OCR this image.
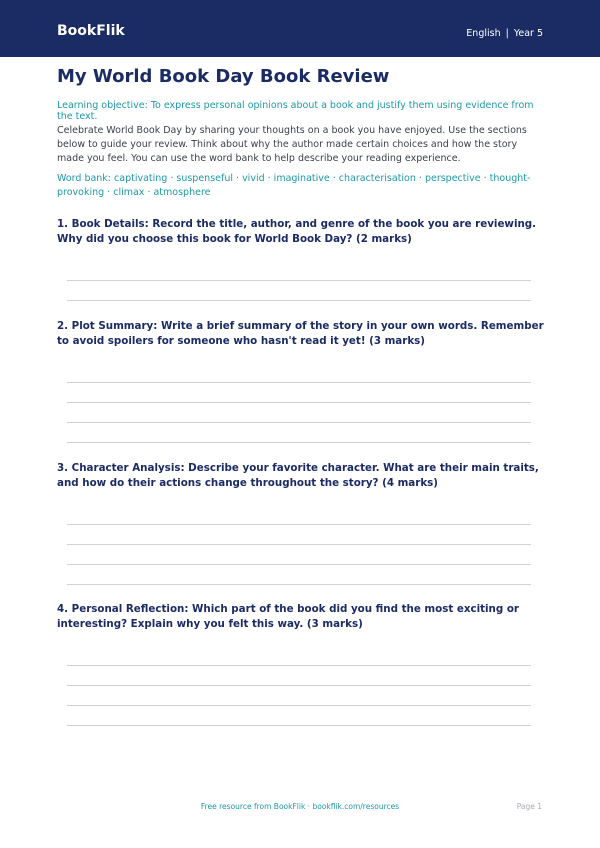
BookFlik	English | Year 5
My World Book Day Book Review
Learning objective: To express personal opinions about a book and justify them using evidence from the text.
Celebrate World Book Day by sharing your thoughts on a book you have enjoyed. Use the sections below to guide your review. Think about why the author made certain choices and how the story made you feel. You can use the word bank to help describe your reading experience.
Word bank: captivating · suspenseful · vivid · imaginative · characterisation · perspective · thought-provoking · climax · atmosphere
1. Book Details: Record the title, author, and genre of the book you are reviewing. Why did you choose this book for World Book Day? (2 marks)
2. Plot Summary: Write a brief summary of the story in your own words. Remember to avoid spoilers for someone who hasn't read it yet! (3 marks)
3. Character Analysis: Describe your favorite character. What are their main traits, and how do their actions change throughout the story? (4 marks)
4. Personal Reflection: Which part of the book did you find the most exciting or interesting? Explain why you felt this way. (3 marks)
Free resource from BookFlik · bookflik.com/resources	Page 1
